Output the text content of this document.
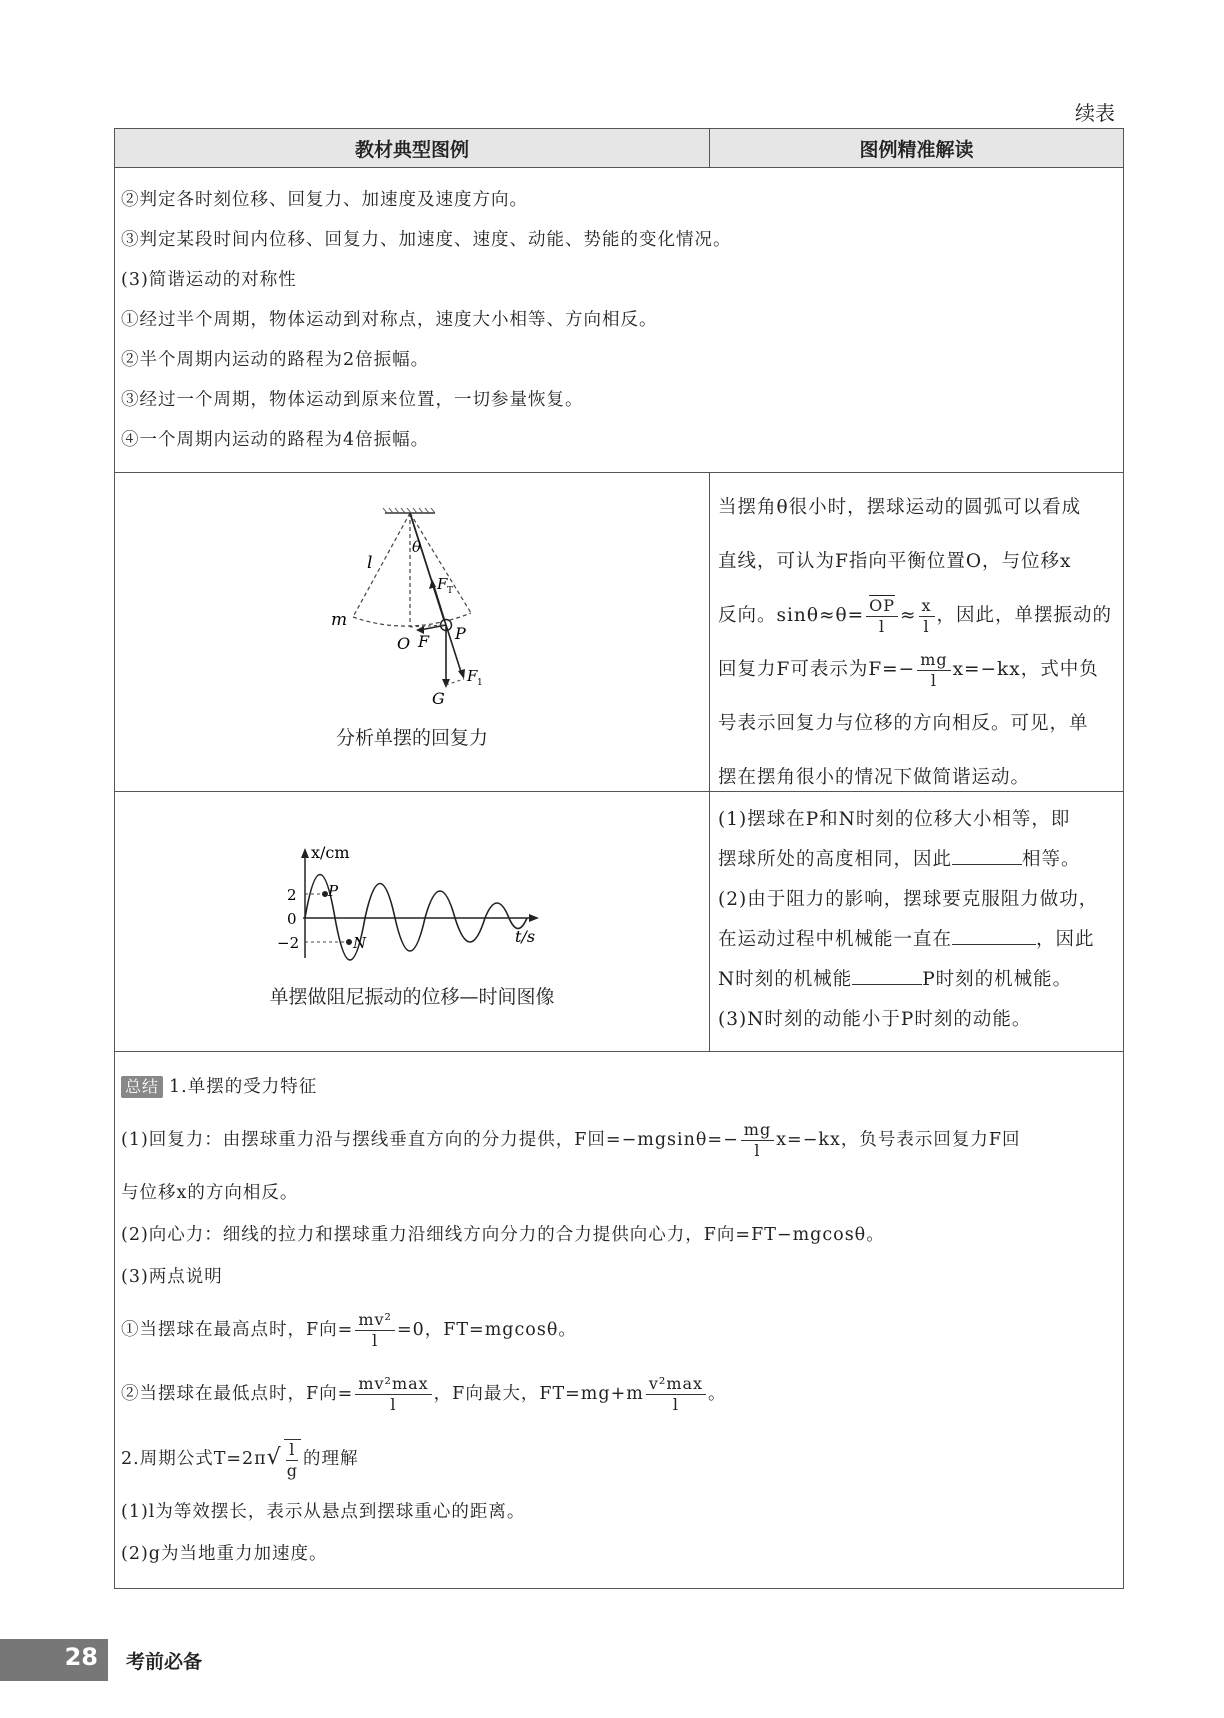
续表
教材典型图例	图例精准解读

②判定各时刻位移、回复力、加速度及速度方向。

③判定某段时间内位移、回复力、加速度、速度、动能、势能的变化情况。

(3)简谐运动的对称性

①经过半个周期，物体运动到对称点，速度大小相等、方向相反。

②半个周期内运动的路程为2倍振幅。

③经过一个周期，物体运动到原来位置，一切参量恢复。

④一个周期内运动的路程为4倍振幅。

θ
l
F T
m
O F P
F 1
G
分析单摆的回复力

当摆角θ很小时，摆球运动的圆弧可以看成

直线，可认为F指向平衡位置O，与位移x

反向。$\sin\theta\approx\theta= \frac{\overline{OP}}{l} \approx \frac{x}{l}$ ，因此，单摆振动的

回复力F可表示为$F=- \frac{mg}{l} x=-kx$，式中负

号表示回复力与位移的方向相反。可见，单

摆在摆角很小的情况下做简谐运动。

x/cm
t/s
2
0
−2
P
N
单摆做阻尼振动的位移—时间图像

(1)摆球在P和N时刻的位移大小相等，即

摆球所处的高度相同，因此	相等。

(2)由于阻力的影响，摆球要克服阻力做功，

在运动过程中机械能一直在	，因此

N时刻的机械能	P时刻的机械能。

(3)N时刻的动能小于P时刻的动能。

总结 1.单摆的受力特征

(1)回复力：由摆球重力沿与摆线垂直方向的分力提供，F回$=-mgsin\theta=- \frac{mg}{l} x=-kx$，负号表示回复力F回

与位移x的方向相反。

(2)向心力：细线的拉力和摆球重力沿细线方向分力的合力提供向心力，F向=FT−mgcosθ。

(3)两点说明

①当摆球在最高点时，F向= $\frac{\text{mv²}}{l} =0$，FT=mgcosθ。

②当摆球在最低点时，F向= $\frac{\text{mv²max}}{l}$ ，F向最大，$FT=mg+m \frac{\text{v²max}}{l}$ 。

2.周期公式$T=2\pi√ \frac{l}{g}$ 的理解

(1)l为等效摆长，表示从悬点到摆球重心的距离。

(2)g为当地重力加速度。

28 考前必备
